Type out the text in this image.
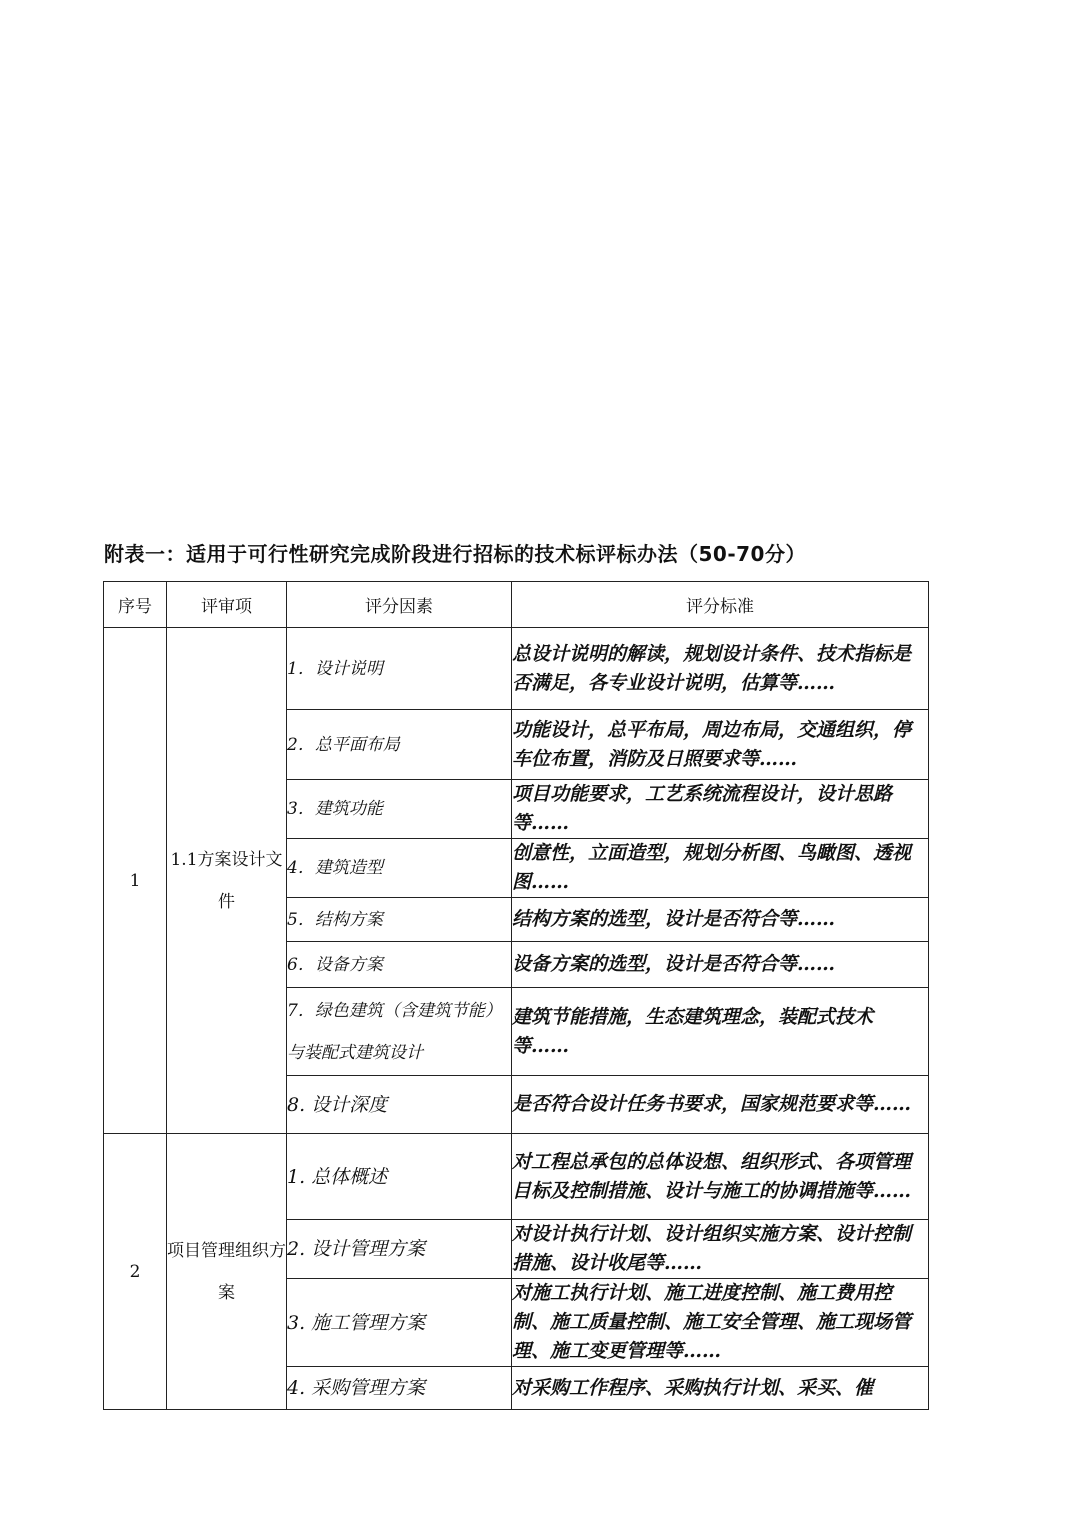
附表一：适用于可行性研究完成阶段进行招标的技术标评标办法（50-70分）
序号	评审项	评分因素	评分标准
1	1.1方案设计文件	1．设计说明	总设计说明的解读，规划设计条件、技术指标是否满足，各专业设计说明，估算等……
		2．总平面布局	功能设计，总平布局，周边布局，交通组织，停车位布置，消防及日照要求等……
		3．建筑功能	项目功能要求，工艺系统流程设计，设计思路等……
		4．建筑造型	创意性，立面造型，规划分析图、鸟瞰图、透视图……
		5．结构方案	结构方案的选型，设计是否符合等……
		6．设备方案	设备方案的选型，设计是否符合等……
		7．绿色建筑（含建筑节能）与装配式建筑设计	建筑节能措施，生态建筑理念，装配式技术等……
		8. 设计深度	是否符合设计任务书要求，国家规范要求等……
2	项目管理组织方案	1. 总体概述	对工程总承包的总体设想、组织形式、各项管理目标及控制措施、设计与施工的协调措施等……
		2. 设计管理方案	对设计执行计划、设计组织实施方案、设计控制措施、设计收尾等……
		3. 施工管理方案	对施工执行计划、施工进度控制、施工费用控制、施工质量控制、施工安全管理、施工现场管理、施工变更管理等……
		4. 采购管理方案	对采购工作程序、采购执行计划、采买、催
